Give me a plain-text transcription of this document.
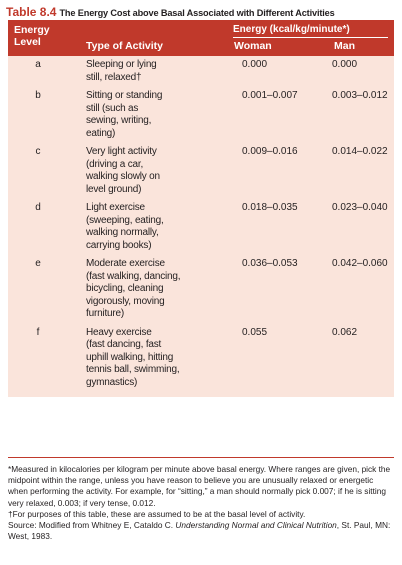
Table 8.4 The Energy Cost above Basal Associated with Different Activities
Energy
Level	Type of Activity
Energy (kcal/kg/minute*)
Woman	Man
a	Sleeping or lying
still, relaxed†
0.000	0.000
b	Sitting or standing
still (such as
sewing, writing,
eating)
0.001–0.007	0.003–0.012
c	Very light activity
(driving a car,
walking slowly on
level ground)
0.009–0.016	0.014–0.022
d	Light exercise
(sweeping, eating,
walking normally,
carrying books)
0.018–0.035	0.023–0.040
e	Moderate exercise
(fast walking, dancing,
bicycling, cleaning
vigorously, moving
furniture)
0.036–0.053	0.042–0.060
f	Heavy exercise
(fast dancing, fast
uphill walking, hitting
tennis ball, swimming,
gymnastics)
0.055	0.062

*Measured in kilocalories per kilogram per minute above basal energy. Where ranges are given, pick the midpoint within the range, unless you have reason to believe you are unusually relaxed or energetic when performing the activity. For example, for “sitting,” a man should normally pick 0.007; if he is sitting very relaxed, 0.003; if very tense, 0.012.

†For purposes of this table, these are assumed to be at the basal level of activity.

Source: Modified from Whitney E, Cataldo C. Understanding Normal and Clinical Nutrition, St. Paul, MN: West, 1983.
